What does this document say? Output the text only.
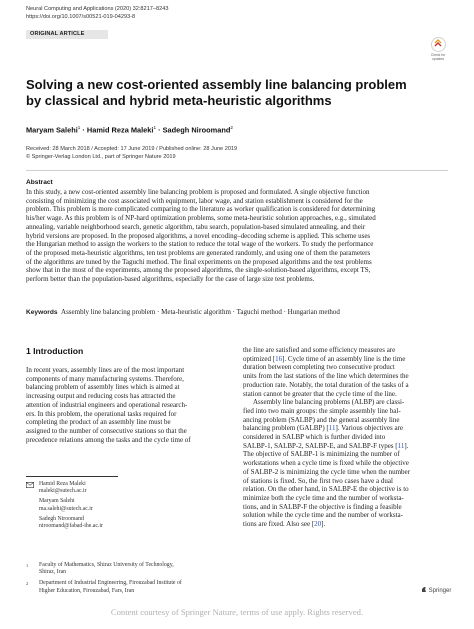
Neural Computing and Applications (2020) 32:8217–8243
https://doi.org/10.1007/s00521-019-04293-8
ORIGINAL ARTICLE
Check for updates
Solving a new cost-oriented assembly line balancing problem
by classical and hybrid meta-heuristic algorithms
Maryam Salehi$^1$ · Hamid Reza Maleki$^1$ · Sadegh Niroomand$^2$
Received: 28 March 2018 / Accepted: 17 June 2019 / Published online: 28 June 2019
© Springer-Verlag London Ltd., part of Springer Nature 2019
Abstract
In this study, a new cost-oriented assembly line balancing problem is proposed and formulated. A single objective function
consisting of minimizing the cost associated with equipment, labor wage, and station establishment is considered for the
problem. This problem is more complicated comparing to the literature as worker qualification is considered for determining
his/her wage. As this problem is of NP-hard optimization problems, some meta-heuristic solution approaches, e.g., simulated
annealing, variable neighborhood search, genetic algorithm, tabu search, population-based simulated annealing, and their
hybrid versions are proposed. In the proposed algorithms, a novel encoding–decoding scheme is applied. This scheme uses
the Hungarian method to assign the workers to the station to reduce the total wage of the workers. To study the performance
of the proposed meta-heuristic algorithms, ten test problems are generated randomly, and using one of them the parameters
of the algorithms are tuned by the Taguchi method. The final experiments on the proposed algorithms and the test problems
show that in the most of the experiments, among the proposed algorithms, the single-solution-based algorithms, except TS,
perform better than the population-based algorithms, especially for the case of large size test problems.
Keywords Assembly line balancing problem · Meta-heuristic algorithm · Taguchi method · Hungarian method
1 Introduction
In recent years, assembly lines are of the most important
components of many manufacturing systems. Therefore,
balancing problem of assembly lines which is aimed at
increasing output and reducing costs has attracted the
attention of industrial engineers and operational research-
ers. In this problem, the operational tasks required for
completing the product of an assembly line must be
assigned to the number of consecutive stations so that the
precedence relations among the tasks and the cycle time of
Hamid Reza Maleki
maleki@sutech.ac.ir
Maryam Salehi
ma.salehi@sutech.ac.ir
Sadegh Niroomand
niroomand@fabad-ihe.ac.ir
1 Faculty of Mathematics, Shiraz University of Technology,
Shiraz, Iran
2 Department of Industrial Engineering, Firouzabad Institute of
Higher Education, Firouzabad, Fars, Iran
the line are satisfied and some efficiency measures are
optimized [16]. Cycle time of an assembly line is the time
duration between completing two consecutive product
units from the last stations of the line which determines the
production rate. Notably, the total duration of the tasks of a
station cannot be greater that the cycle time of the line.
Assembly line balancing problems (ALBP) are classi-
fied into two main groups: the simple assembly line bal-
ancing problem (SALBP) and the general assembly line
balancing problem (GALBP) [11]. Various objectives are
considered in SALBP which is further divided into
SALBP-1, SALBP-2, SALBP-E, and SALBP-F types [11].
The objective of SALBP-1 is minimizing the number of
workstations when a cycle time is fixed while the objective
of SALBP-2 is minimizing the cycle time when the number
of stations is fixed. So, the first two cases have a dual
relation. On the other hand, in SALBP-E the objective is to
minimize both the cycle time and the number of worksta-
tions, and in SALBP-F the objective is finding a feasible
solution while the cycle time and the number of worksta-
tions are fixed. Also see [20].
Springer
Content courtesy of Springer Nature, terms of use apply. Rights reserved.
